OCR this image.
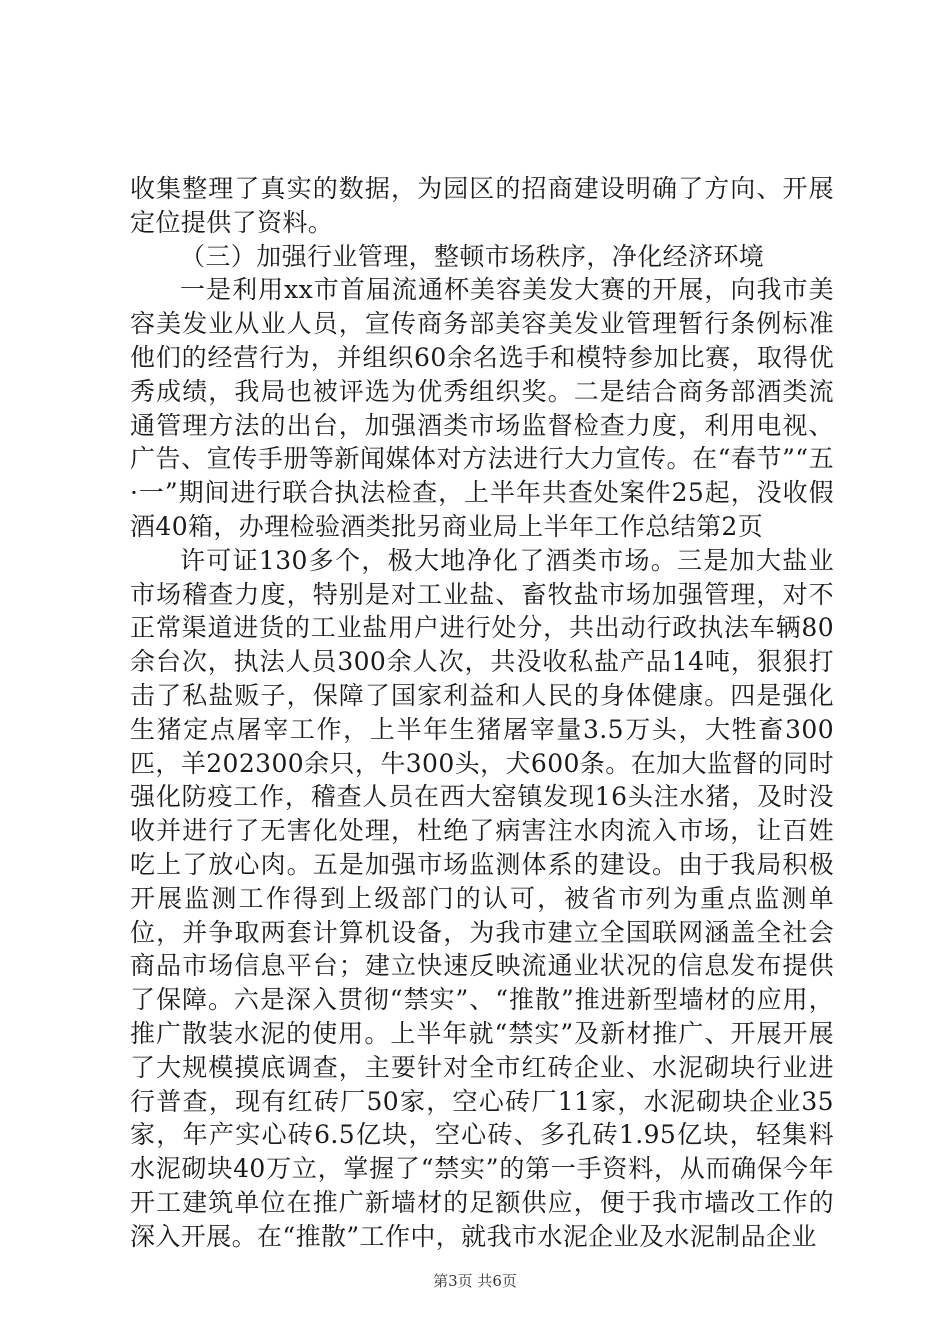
收集整理了真实的数据，为园区的招商建设明确了方向、开展定位提供了资料。

（三）加强行业管理，整顿市场秩序，净化经济环境

一是利用xx市首届流通杯美容美发大赛的开展，向我市美容美发业从业人员，宣传商务部美容美发业管理暂行条例标准他们的经营行为，并组织60余名选手和模特参加比赛，取得优秀成绩，我局也被评选为优秀组织奖。二是结合商务部酒类流通管理方法的出台，加强酒类市场监督检查力度，利用电视、广告、宣传手册等新闻媒体对方法进行大力宣传。在“春节”“五·一”期间进行联合执法检查，上半年共查处案件25起，没收假酒40箱，办理检验酒类批另商业局上半年工作总结第2页

许可证130多个，极大地净化了酒类市场。三是加大盐业市场稽查力度，特别是对工业盐、畜牧盐市场加强管理，对不正常渠道进货的工业盐用户进行处分，共出动行政执法车辆80余台次，执法人员300余人次，共没收私盐产品14吨，狠狠打击了私盐贩子，保障了国家利益和人民的身体健康。四是强化生猪定点屠宰工作，上半年生猪屠宰量3.5万头，大牲畜300匹，羊202300余只，牛300头，犬600条。在加大监督的同时强化防疫工作，稽查人员在西大窑镇发现16头注水猪，及时没收并进行了无害化处理，杜绝了病害注水肉流入市场，让百姓吃上了放心肉。五是加强市场监测体系的建设。由于我局积极开展监测工作得到上级部门的认可，被省市列为重点监测单位，并争取两套计算机设备，为我市建立全国联网涵盖全社会商品市场信息平台；建立快速反映流通业状况的信息发布提供了保障。六是深入贯彻“禁实”、“推散”推进新型墙材的应用，推广散装水泥的使用。上半年就“禁实”及新材推广、开展开展了大规模摸底调查，主要针对全市红砖企业、水泥砌块行业进行普查，现有红砖厂50家，空心砖厂11家，水泥砌块企业35家，年产实心砖6.5亿块，空心砖、多孔砖1.95亿块，轻集料水泥砌块40万立，掌握了“禁实”的第一手资料，从而确保今年开工建筑单位在推广新墙材的足额供应，便于我市墙改工作的深入开展。在“推散”工作中，就我市水泥企业及水泥制品企业

第3页 共6页
